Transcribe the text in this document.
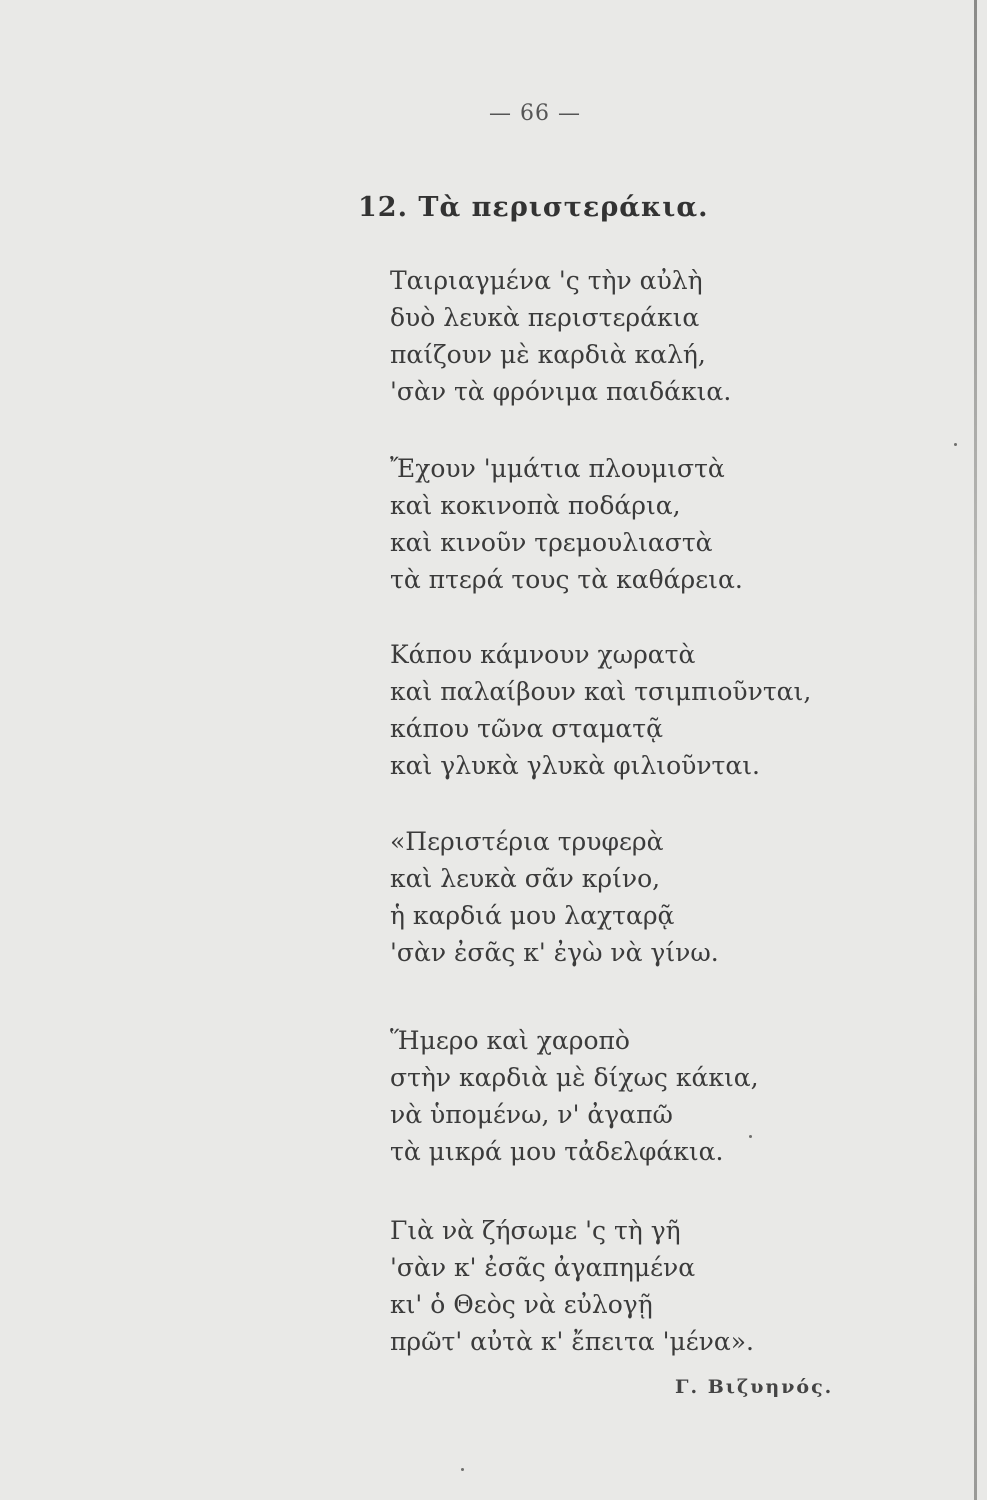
— 66 —
12. Τὰ περιστεράκια.
Ταιριαγμένα 'ς τὴν αὐλὴ
δυὸ λευκὰ περιστεράκια
παίζουν μὲ καρδιὰ καλή,
'σὰν τὰ φρόνιμα παιδάκια.
Ἔχουν 'μμάτια πλουμιστὰ
καὶ κοκινοπὰ ποδάρια,
καὶ κινοῦν τρεμουλιαστὰ
τὰ πτερά τους τὰ καθάρεια.
Κάπου κάμνουν χωρατὰ
καὶ παλαίβουν καὶ τσιμπιοῦνται,
κάπου τῶνα σταματᾷ
καὶ γλυκὰ γλυκὰ φιλιοῦνται.
«Περιστέρια τρυφερὰ
καὶ λευκὰ σᾶν κρίνο,
ἡ καρδιά μου λαχταρᾷ
'σὰν ἐσᾶς κ' ἐγὼ νὰ γίνω.
Ἥμερο καὶ χαροπὸ
στὴν καρδιὰ μὲ δίχως κάκια,
νὰ ὑπομένω, ν' ἀγαπῶ
τὰ μικρά μου τἀδελφάκια.
Γιὰ νὰ ζήσωμε 'ς τὴ γῆ
'σὰν κ' ἐσᾶς ἀγαπημένα
κι' ὁ Θεὸς νὰ εὐλογῇ
πρῶτ' αὐτὰ κ' ἔπειτα 'μένα».
Γ. Βιζυηνός.
